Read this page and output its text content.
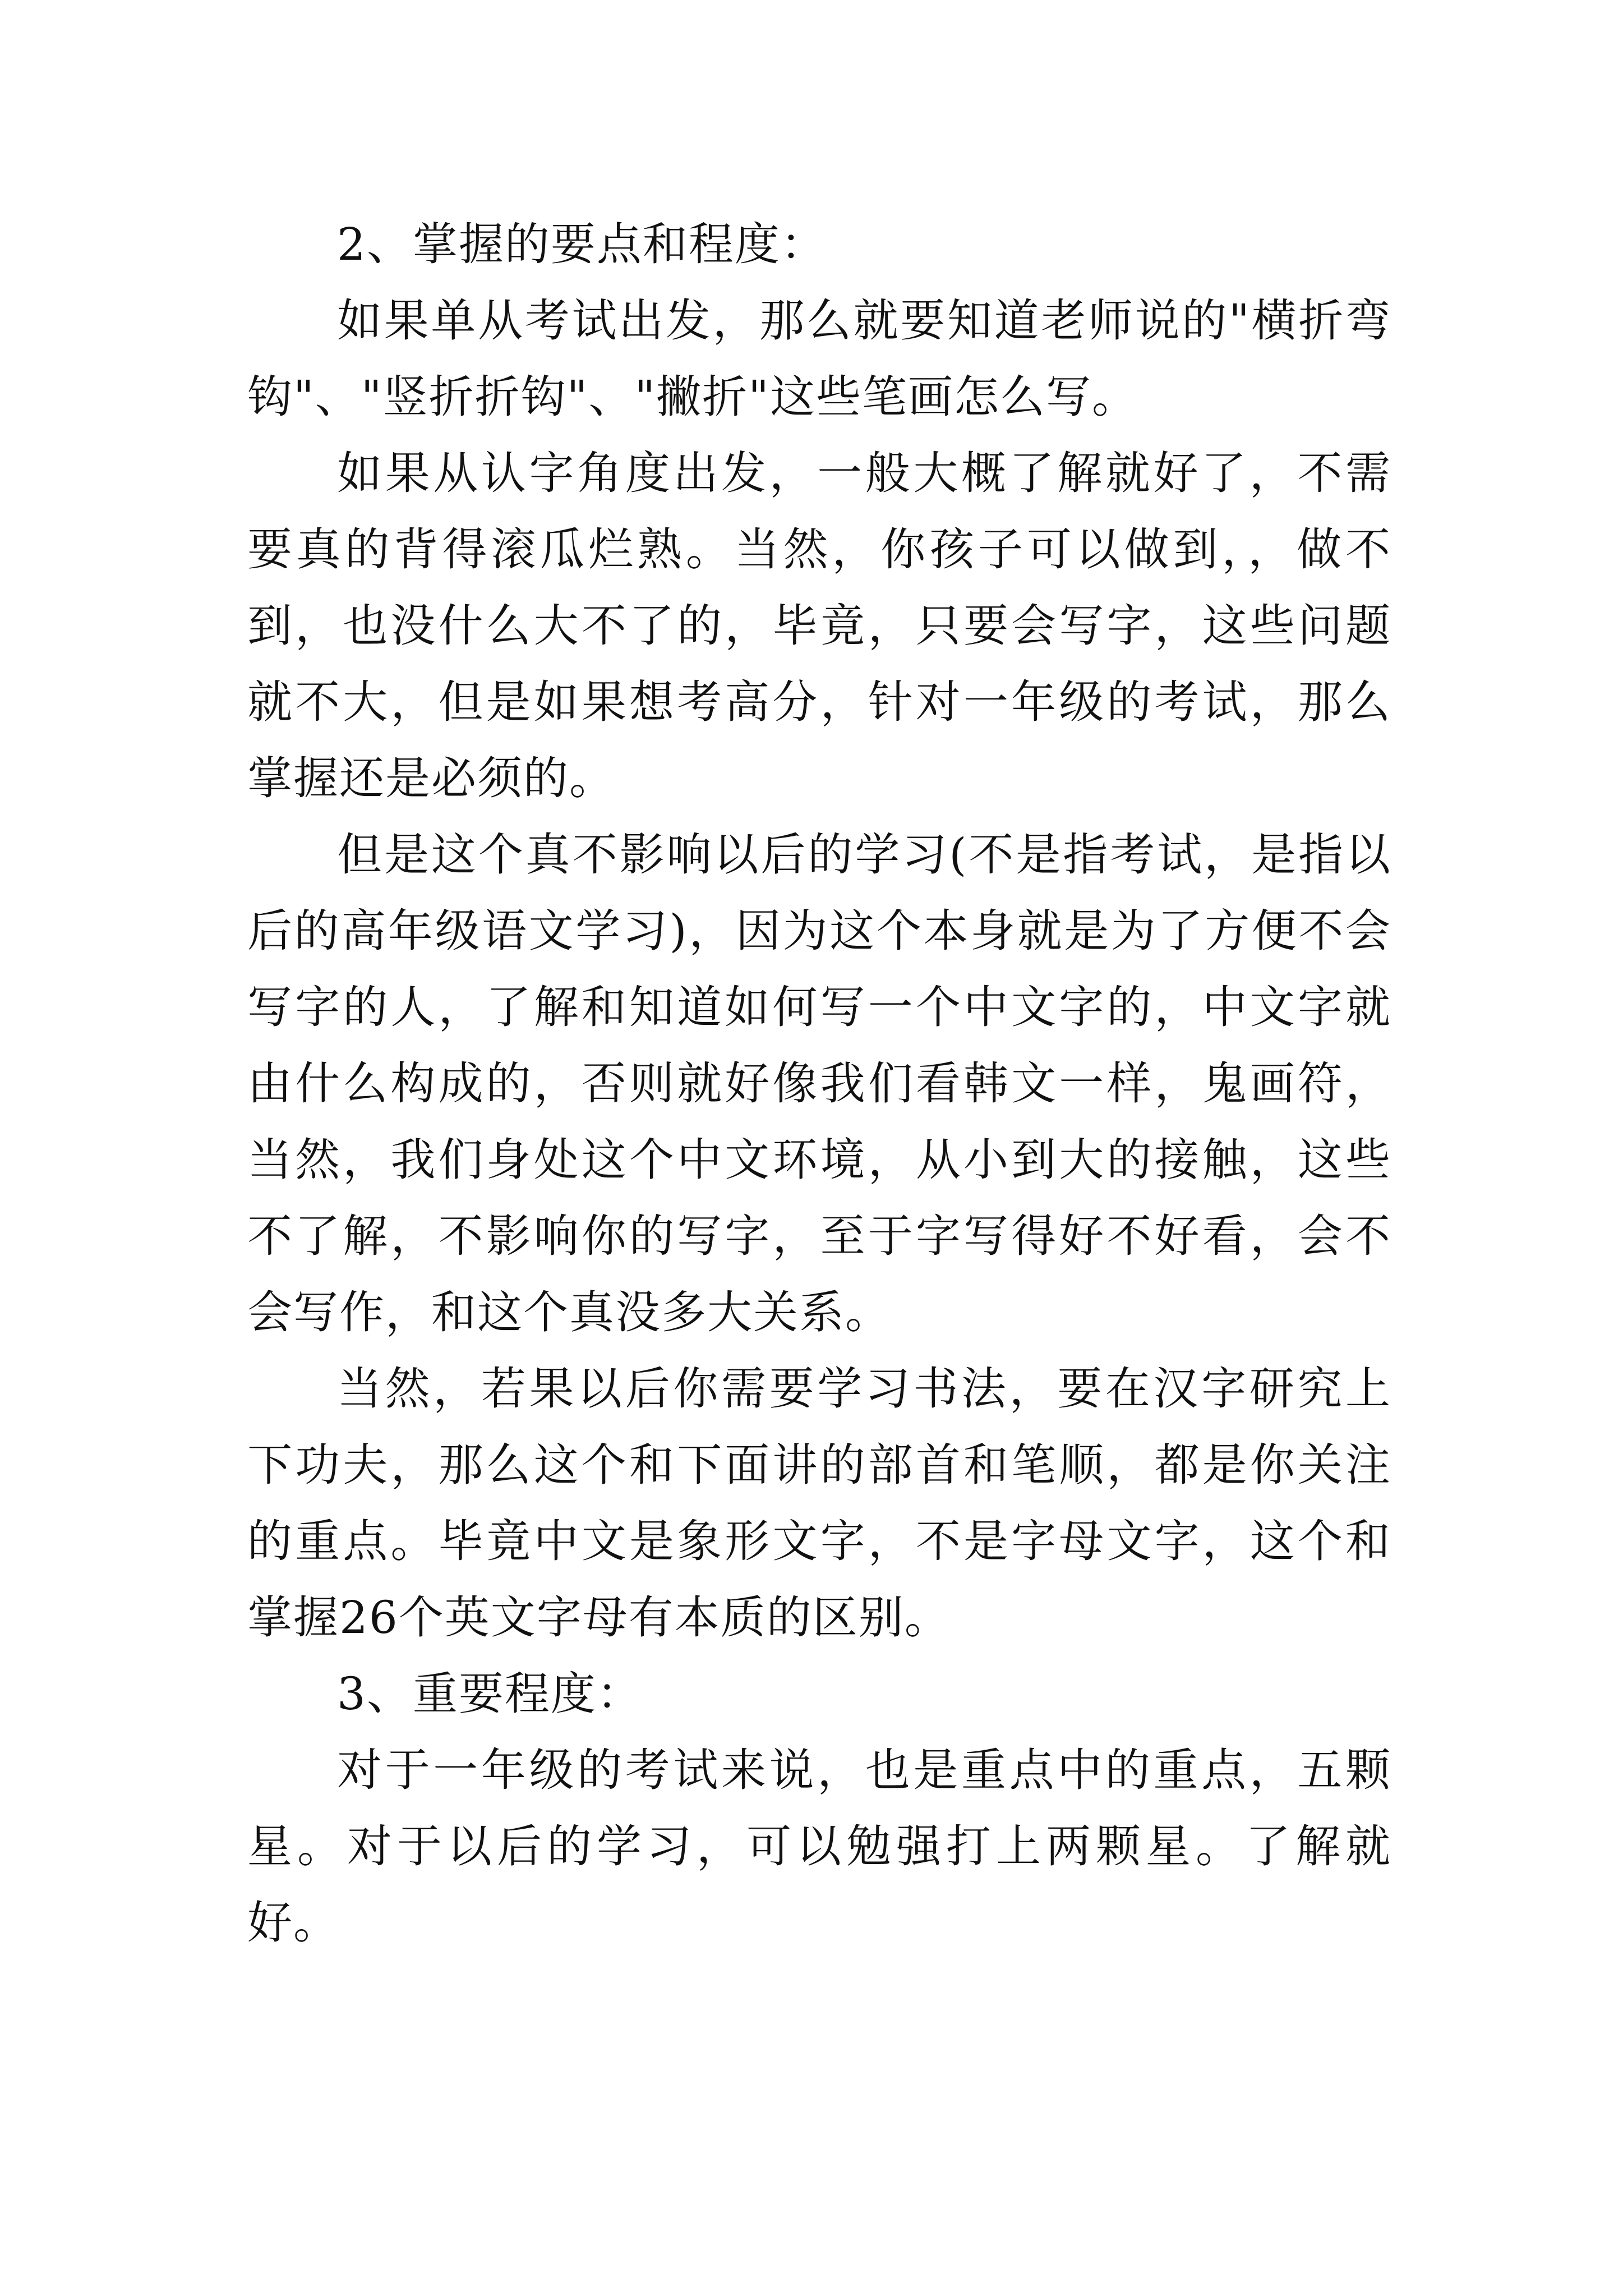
2、掌握的要点和程度：

如果单从考试出发，那么就要知道老师说的"横折弯钩"、"竖折折钩"、"撇折"这些笔画怎么写。

如果从认字角度出发，一般大概了解就好了，不需要真的背得滚瓜烂熟。当然，你孩子可以做到，，做不到，也没什么大不了的，毕竟，只要会写字，这些问题就不大，但是如果想考高分，针对一年级的考试，那么掌握还是必须的。

但是这个真不影响以后的学习(不是指考试，是指以后的高年级语文学习)，因为这个本身就是为了方便不会写字的人，了解和知道如何写一个中文字的，中文字就由什么构成的，否则就好像我们看韩文一样，鬼画符，当然，我们身处这个中文环境，从小到大的接触，这些不了解，不影响你的写字，至于字写得好不好看，会不会写作，和这个真没多大关系。

当然，若果以后你需要学习书法，要在汉字研究上下功夫，那么这个和下面讲的部首和笔顺，都是你关注的重点。毕竟中文是象形文字，不是字母文字，这个和掌握26个英文字母有本质的区别。

3、重要程度：

对于一年级的考试来说，也是重点中的重点，五颗星。对于以后的学习，可以勉强打上两颗星。了解就好。
